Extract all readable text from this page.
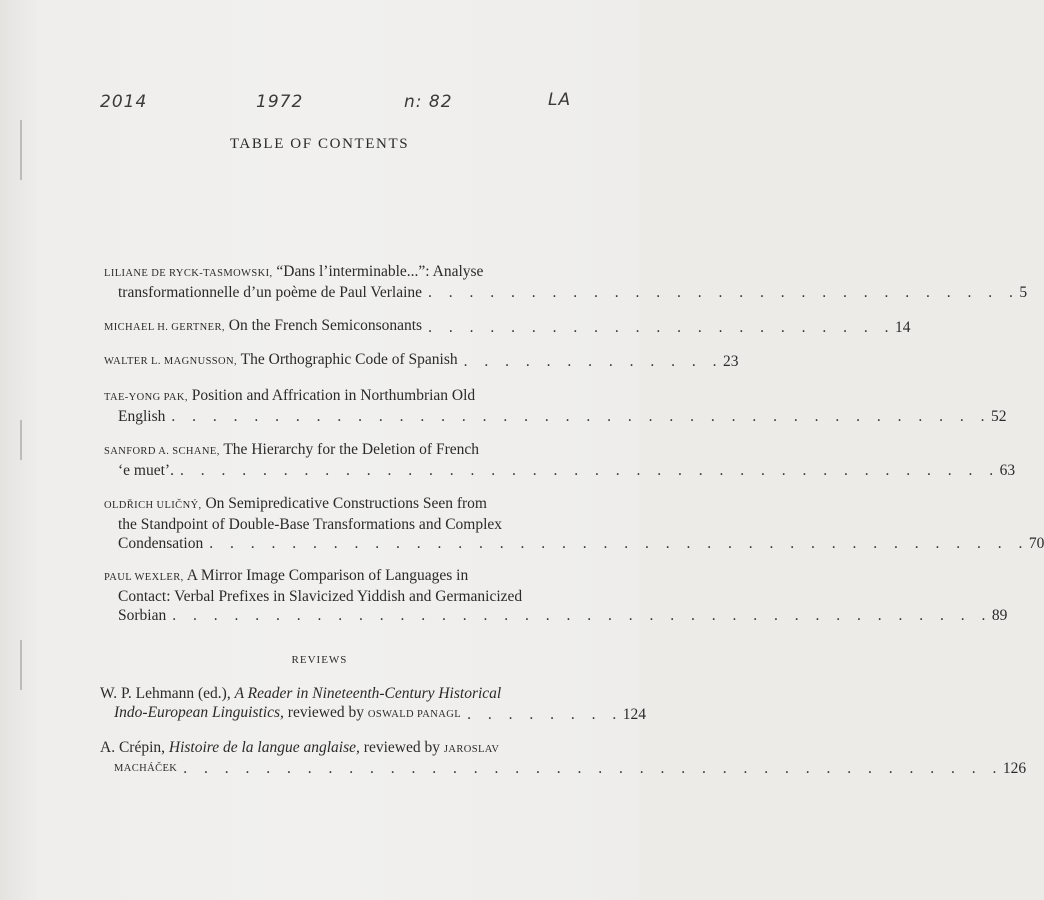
2014	1972	n: 82	LA
TABLE OF CONTENTS
LILIANE DE RYCK-TASMOWSKI, “Dans l’interminable...”: Analyse
transformationnelle d’un poème de Paul Verlaine . . . . . . . . . . . . . . . . . . . . . . . . . . . . . 5
MICHAEL H. GERTNER, On the French Semiconsonants . . . . . . . . . . . . . . . . . . . . . . . 14
WALTER L. MAGNUSSON, The Orthographic Code of Spanish . . . . . . . . . . . . . 23
TAE-YONG PAK, Position and Affrication in Northumbrian Old
English . . . . . . . . . . . . . . . . . . . . . . . . . . . . . . . . . . . . . . . . 52
SANFORD A. SCHANE, The Hierarchy for the Deletion of French
‘e muet’. . . . . . . . . . . . . . . . . . . . . . . . . . . . . . . . . . . . . . . . . 63
OLDŘICH ULIČNÝ, On Semipredicative Constructions Seen from
the Standpoint of Double-Base Transformations and Complex
Condensation . . . . . . . . . . . . . . . . . . . . . . . . . . . . . . . . . . . . . . . . 70
PAUL WEXLER, A Mirror Image Comparison of Languages in
Contact: Verbal Prefixes in Slavicized Yiddish and Germanicized
Sorbian . . . . . . . . . . . . . . . . . . . . . . . . . . . . . . . . . . . . . . . . 89
REVIEWS
W. P. Lehmann (ed.), A Reader in Nineteenth-Century Historical
Indo-European Linguistics, reviewed by OSWALD PANAGL . . . . . . . . 124
A. Crépin, Histoire de la langue anglaise, reviewed by JAROSLAV
MACHÁČEK . . . . . . . . . . . . . . . . . . . . . . . . . . . . . . . . . . . . . . . . 126
